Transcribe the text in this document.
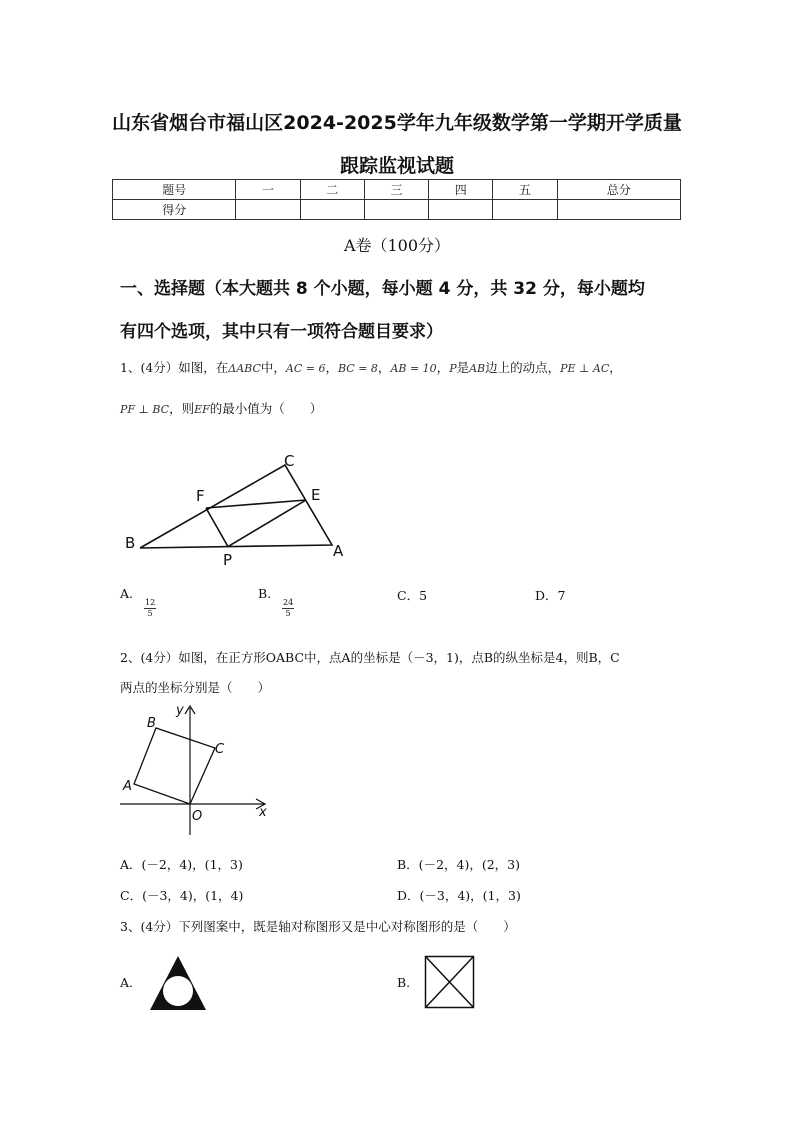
山东省烟台市福山区2024-2025学年九年级数学第一学期开学质量
跟踪监视试题
题号	一	二	三	四	五	总分
得分						
A卷（100分）
一、选择题（本大题共 8 个小题，每小题 4 分，共 32 分，每小题均
有四个选项，其中只有一项符合题目要求）
1、(4分）如图，在ΔABC中，AC = 6，BC = 8，AB = 10，P是AB边上的动点，PE ⊥ AC，
PF ⊥ BC，则EF的最小值为（　　）
C
F	E
B
P	A
A.
$\frac{12}{5}$
B.
$\frac{24}{5}$
C．5	D．7
2、(4分）如图，在正方形OABC中，点A的坐标是（－3，1)，点B的纵坐标是4，则B，C
两点的坐标分别是（　　）
y
B
C
A
O	x
A．(－2，4)，(1，3)	B．(－2，4)，(2，3)
C．(－3，4)，(1，4)	D．(－3，4)，(1，3)
3、(4分）下列图案中，既是轴对称图形又是中心对称图形的是（　　）
A.	B.
